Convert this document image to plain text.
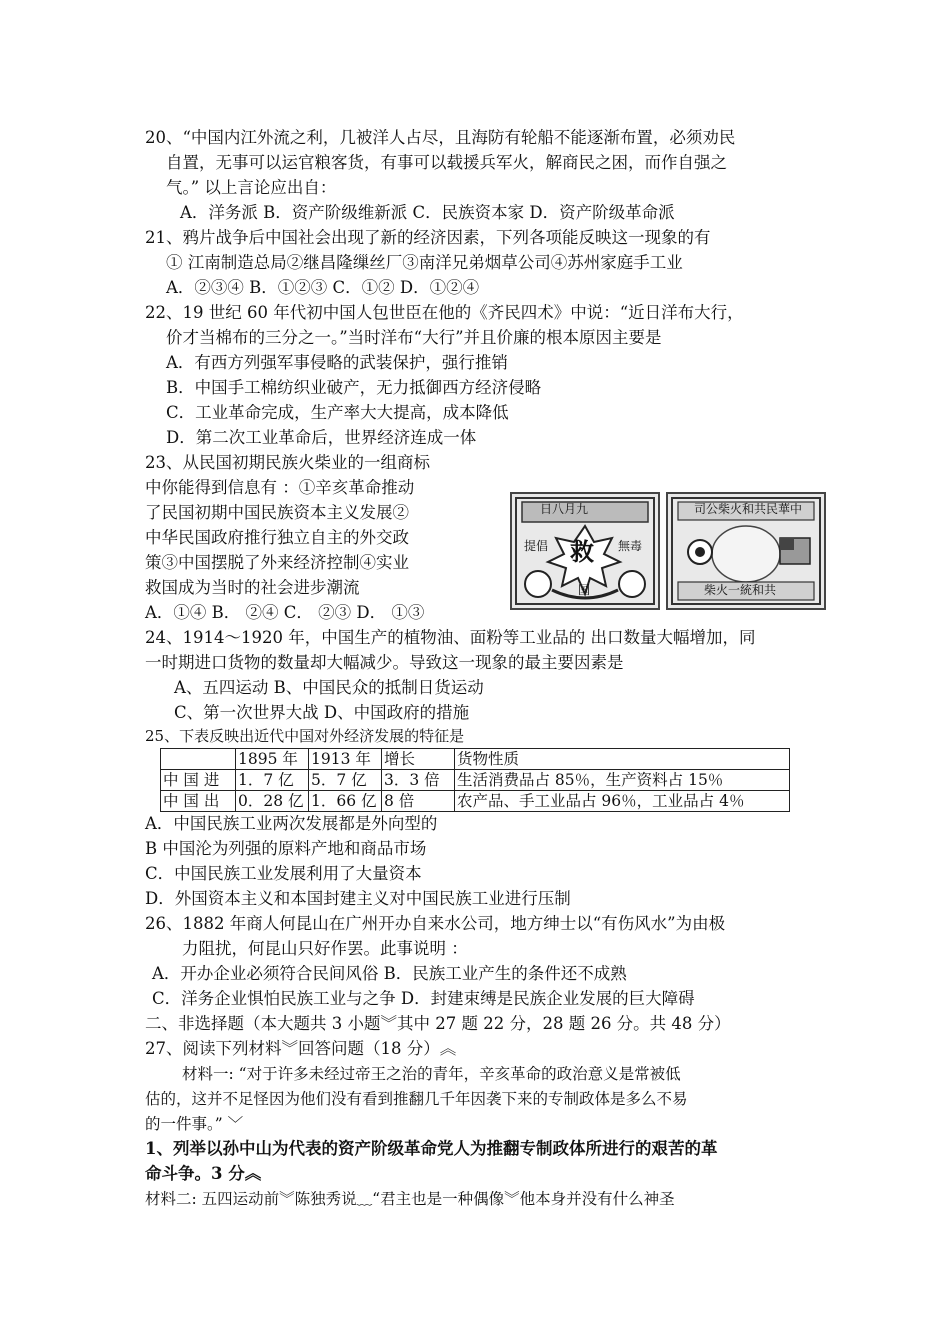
20、“中国内江外流之利，几被洋人占尽，且海防有轮船不能逐渐布置，必须劝民
自置，无事可以运官粮客货，有事可以载援兵军火，解商民之困，而作自强之
气。” 以上言论应出自：
A．洋务派 B．资产阶级维新派 C．民族资本家 D．资产阶级革命派
21、鸦片战争后中国社会出现了新的经济因素，下列各项能反映这一现象的有
① 江南制造总局②继昌隆缫丝厂③南洋兄弟烟草公司④苏州家庭手工业
A．②③④ B．①②③ C．①② D．①②④
22、19 世纪 60 年代初中国人包世臣在他的《齐民四术》中说：“近日洋布大行，
价才当棉布的三分之一。”当时洋布“大行”并且价廉的根本原因主要是
A．有西方列强军事侵略的武装保护，强行推销
B．中国手工棉纺织业破产，无力抵御西方经济侵略
C．工业革命完成，生产率大大提高，成本降低
D．第二次工业革命后，世界经济连成一体
23、从民国初期民族火柴业的一组商标
中你能得到信息有 ：①辛亥革命推动
了民国初期中国民族资本主义发展②
中华民国政府推行独立自主的外交政
策③中国摆脱了外来经济控制④实业
救国成为当时的社会进步潮流
A．①④ B． ②④ C． ②③ D． ①③
日八月九
救
国
提倡	無毒
司公柴火和共民華中
柴火一統和共
24、1914～1920 年，中国生产的植物油、面粉等工业品的 出口数量大幅增加，同
一时期进口货物的数量却大幅减少。导致这一现象的最主要因素是
A、五四运动 B、中国民众的抵制日货运动
C、第一次世界大战 D、中国政府的措施
25、下表反映出近代中国对外经济发展的特征是
	1895 年	1913 年	增长	货物性质
中 国 进	1．7 亿	5．7 亿	3．3 倍	生活消费品占 85％，生产资料占 15％
中 国 出	0．28 亿	1．66 亿	8 倍	农产品、手工业品占 96％，工业品占 4％
A．中国民族工业两次发展都是外向型的
B 中国沦为列强的原料产地和商品市场
C．中国民族工业发展利用了大量资本
D．外国资本主义和本国封建主义对中国民族工业进行压制
26、1882 年商人何昆山在广州开办自来水公司，地方绅士以“有伤风水”为由极
力阻扰，何昆山只好作罢。此事说明 ：
A．开办企业必须符合民间风俗 B．民族工业产生的条件还不成熟
C．洋务企业惧怕民族工业与之争 D．封建束缚是民族企业发展的巨大障碍
二、非选择题（本大题共 3 小题︾其中 27 题 22 分，28 题 26 分。共 48 分）
27、阅读下列材料︾回答问题（18 分）︽
材料一: “对于许多未经过帝王之治的青年，辛亥革命的政治意义是常被低
估的，这并不足怪因为他们没有看到推翻几千年因袭下来的专制政体是多么不易
的一件事。” ﹀
1、列举以孙中山为代表的资产阶级革命党人为推翻专制政体所进行的艰苦的革
命斗争。3 分︽
材料二: 五四运动前︾陈独秀说﹏“君主也是一种偶像︾他本身并没有什么神圣
